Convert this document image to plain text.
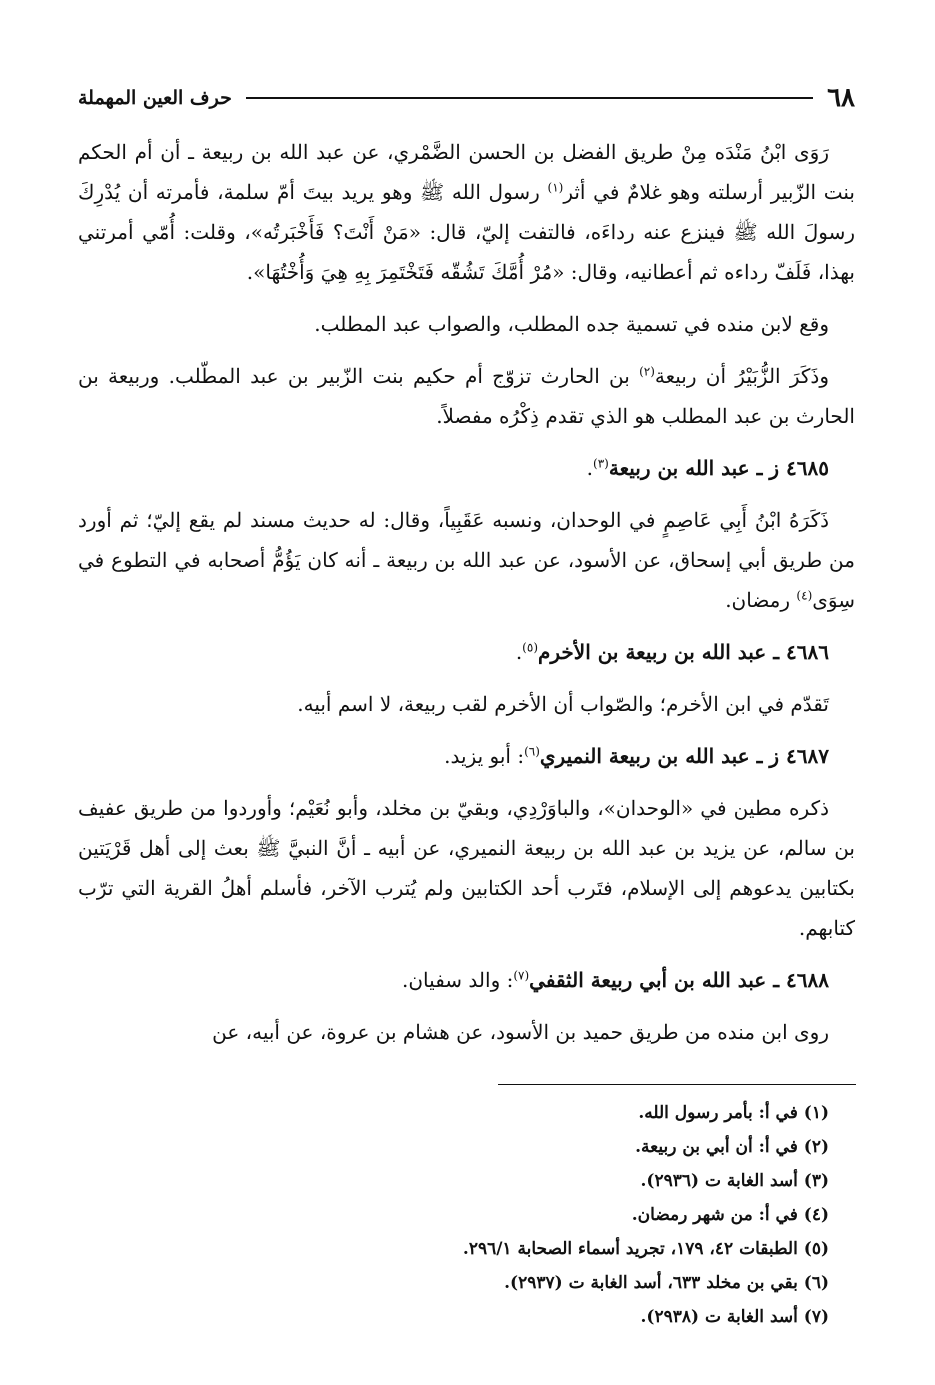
٦٨
حرف العين المهملة

رَوَى ابْنُ مَنْدَه مِنْ طريق الفضل بن الحسن الضَّمْري، عن عبد الله بن ربيعة ـ أن أم الحكم بنت الزّبير أرسلته وهو غلامٌ في أثر$^{(١)}$ رسول الله ﷺ وهو يريد بيتَ أمّ سلمة، فأمرته أن يُدْرِكَ رسولَ الله ﷺ فينزع عنه رداءَه، فالتفت إليّ، قال: «مَنْ أَنْتَ؟ فَأَخْبَرتُه»، وقلت: أُمّي أمرتني بهذا، فَلَفّ رداءه ثم أعطانيه، وقال: «مُرْ أُمَّكَ تَشُقّه فَتَخْتَمِرَ بِهِ هِيَ وَأُخْتُهَا».

وقع لابن منده في تسمية جده المطلب، والصواب عبد المطلب.

وذَكَرَ الزُّبَيْرُ أن ربيعة$^{(٢)}$ بن الحارث تزوّج أم حكيم بنت الزّبير بن عبد المطّلب. وربيعة بن الحارث بن عبد المطلب هو الذي تقدم ذِكْرُه مفصلاً.

٤٦٨٥ ز ـ عبد الله بن ربيعة$^{(٣)}$.

ذَكَرَهُ ابْنُ أَبِي عَاصِمٍ في الوحدان، ونسبه عَقَبِياً، وقال: له حديث مسند لم يقع إليّ؛ ثم أورد من طريق أبي إسحاق، عن الأسود، عن عبد الله بن ربيعة ـ أنه كان يَؤُمُّ أصحابه في التطوع في سِوَى$^{(٤)}$ رمضان.

٤٦٨٦ ـ عبد الله بن ربيعة بن الأخرم$^{(٥)}$.

تَقدّم في ابن الأخرم؛ والصّواب أن الأخرم لقب ربيعة، لا اسم أبيه.

٤٦٨٧ ز ـ عبد الله بن ربيعة النميري$^{(٦)}$: أبو يزيد.

ذكره مطين في «الوحدان»، والباوَرْدِي، وبقيّ بن مخلد، وأبو نُعَيْم؛ وأوردوا من طريق عفيف بن سالم، عن يزيد بن عبد الله بن ربيعة النميري، عن أبيه ـ أنَّ النبيَّ ﷺ بعث إلى أهل قَرْيَتين بكتابين يدعوهم إلى الإسلام، فتَرب أحد الكتابين ولم يُترب الآخر، فأسلم أهلُ القرية التي ترّب كتابهم.

٤٦٨٨ ـ عبد الله بن أبي ربيعة الثقفي$^{(٧)}$: والد سفيان.

روى ابن منده من طريق حميد بن الأسود، عن هشام بن عروة، عن أبيه، عن

(١) في أ: بأمر رسول الله.
(٢) في أ: أن أبي بن ربيعة.
(٣) أسد الغابة ت (٢٩٣٦).
(٤) في أ: من شهر رمضان.
(٥) الطبقات ٤٢، ١٧٩، تجريد أسماء الصحابة ٢٩٦/١.
(٦) بقي بن مخلد ٦٣٣، أسد الغابة ت (٢٩٣٧).
(٧) أسد الغابة ت (٢٩٣٨).
